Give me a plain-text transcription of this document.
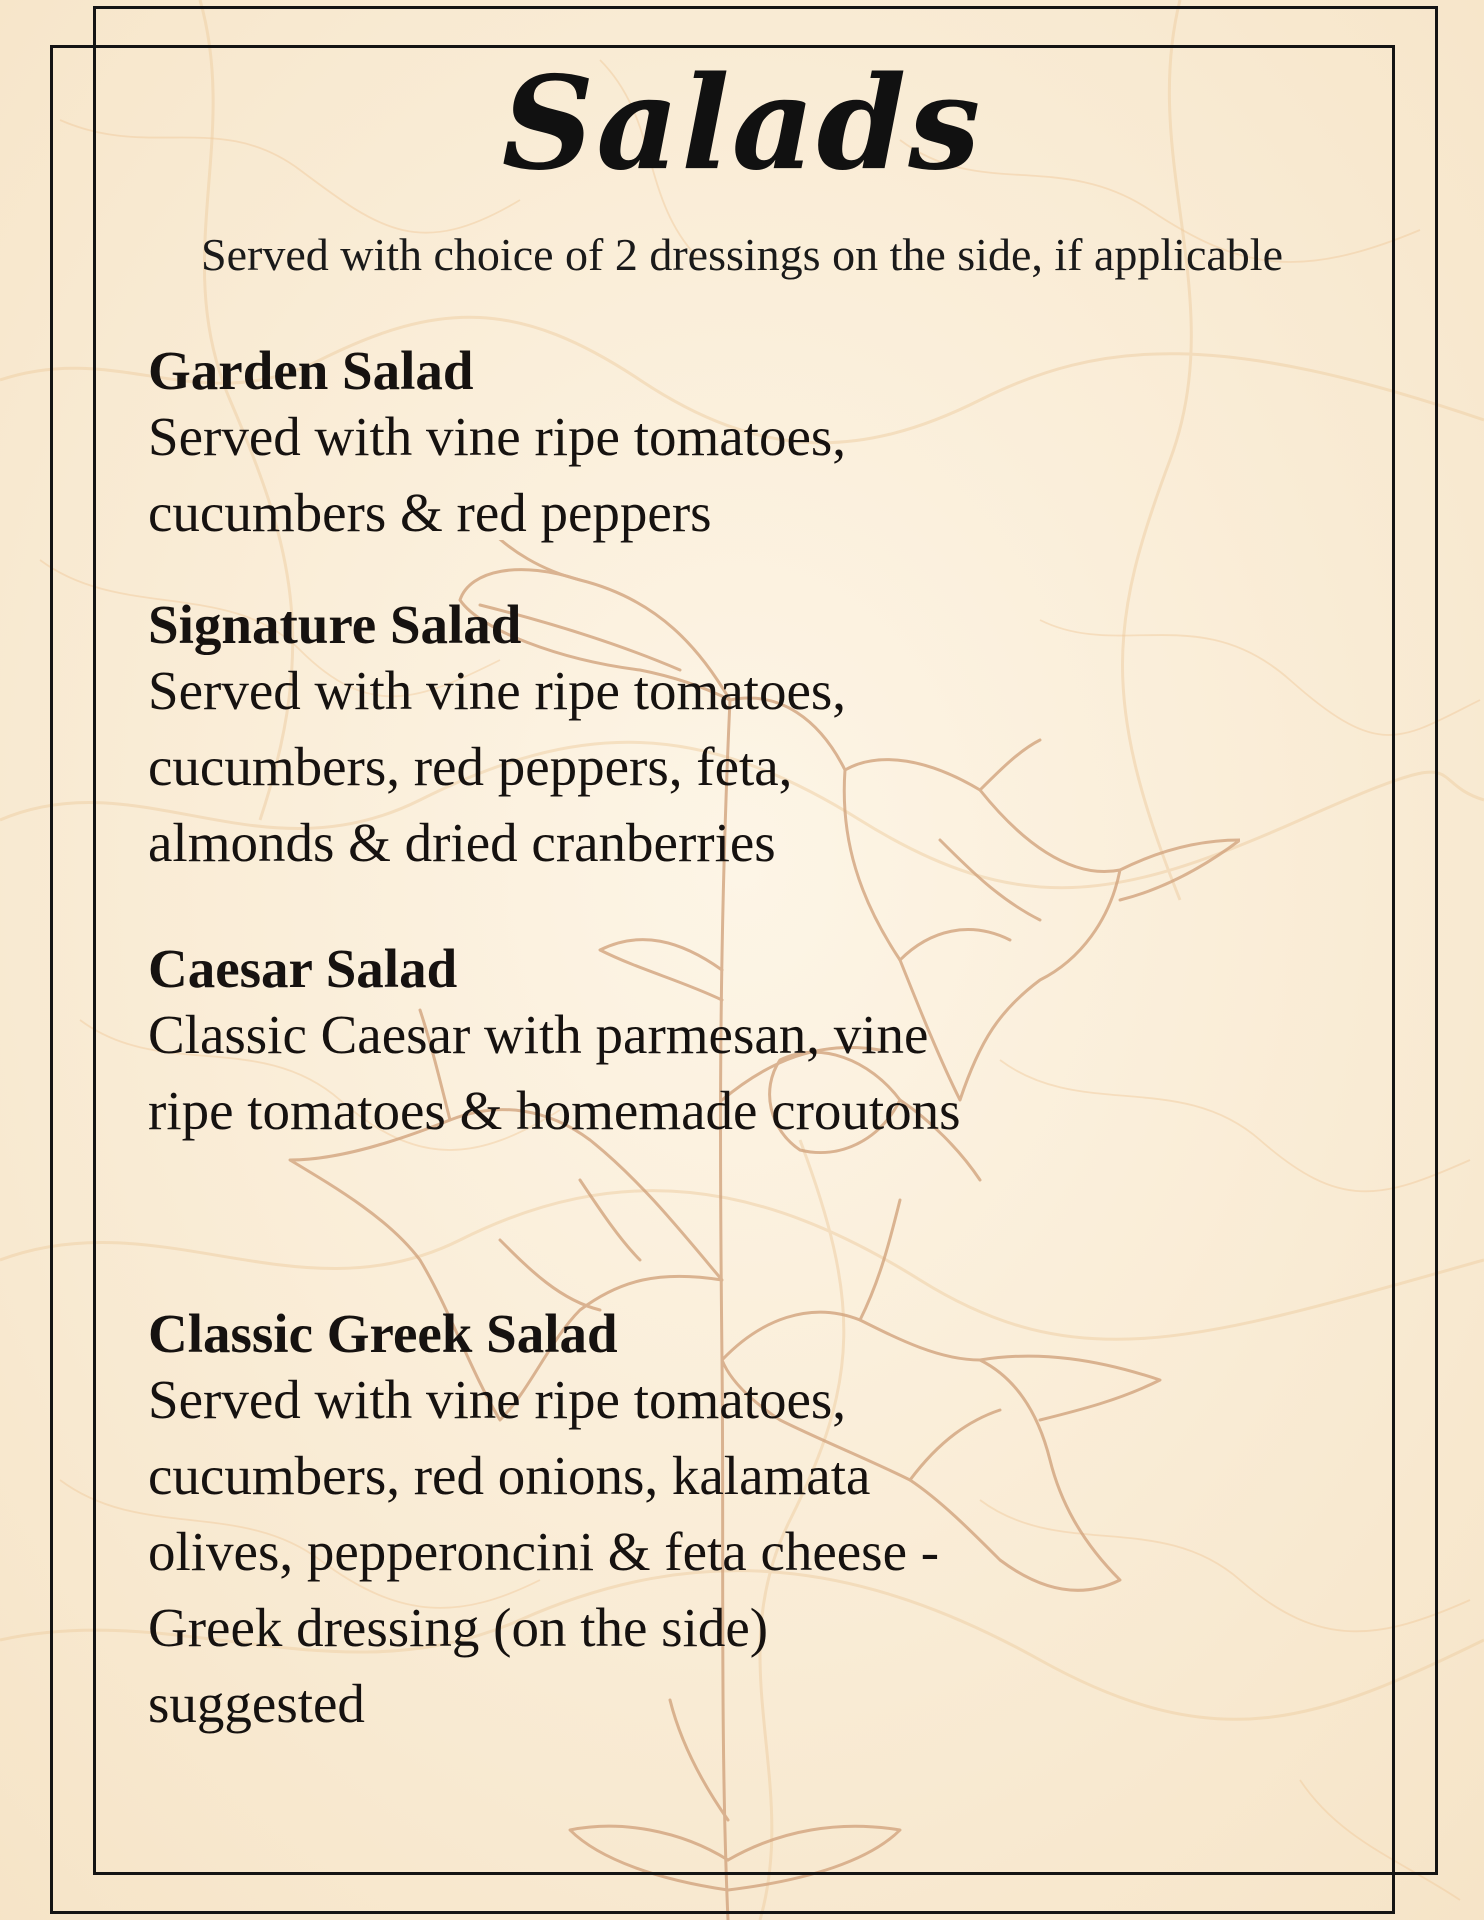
Salads

Served with choice of 2 dressings on the side, if applicable

Garden Salad

Served with vine ripe tomatoes, cucumbers & red peppers

Signature Salad

Served with vine ripe tomatoes, cucumbers, red peppers, feta, almonds & dried cranberries

Caesar Salad

Classic Caesar with parmesan, vine ripe tomatoes & homemade croutons

Classic Greek Salad

Served with vine ripe tomatoes, cucumbers, red onions, kalamata olives, pepperoncini & feta cheese - Greek dressing (on the side) suggested
